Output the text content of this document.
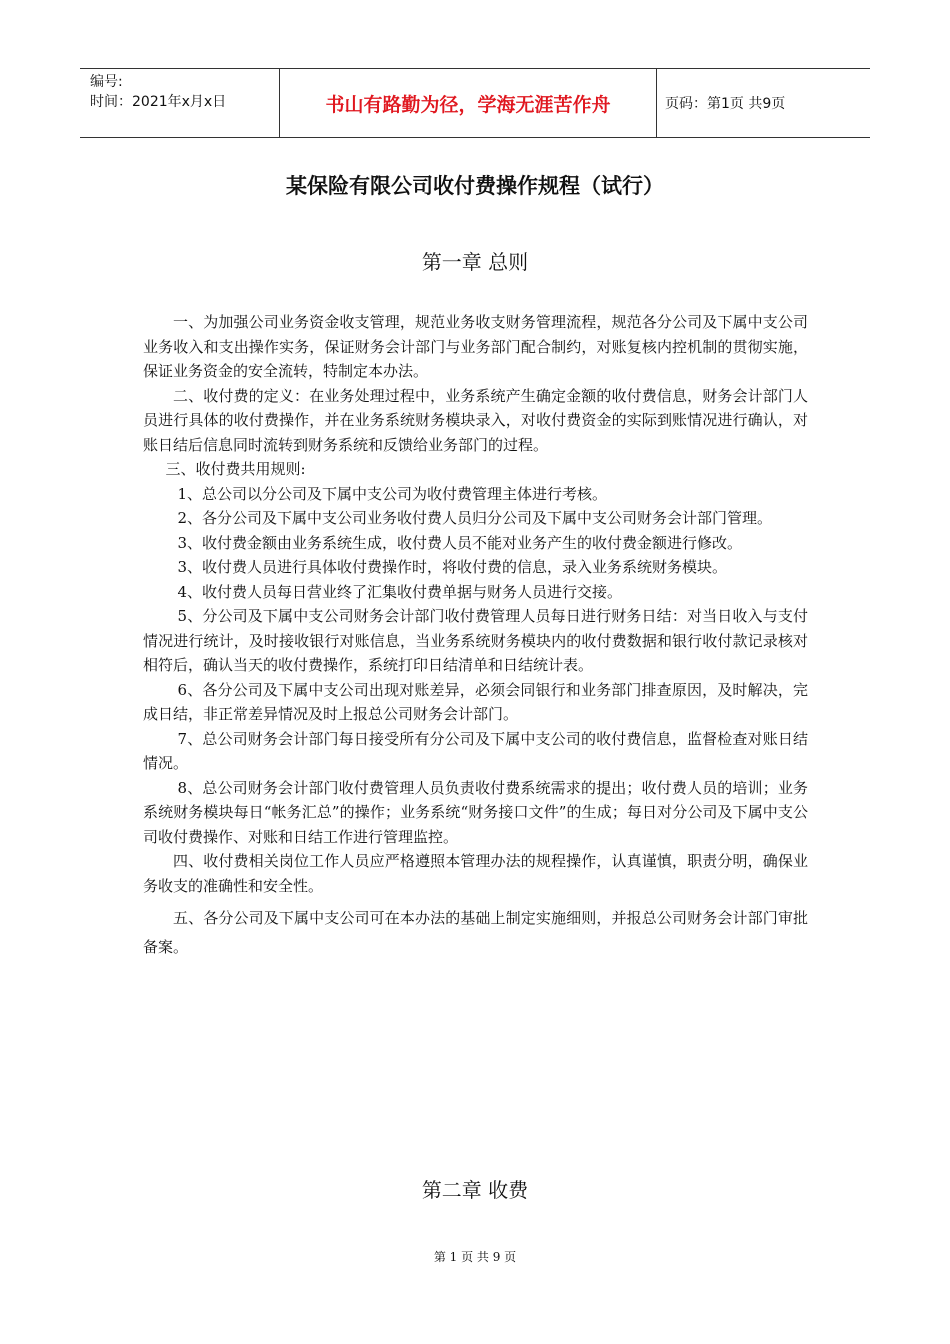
编号:
时间：2021年x月x日	书山有路勤为径，学海无涯苦作舟	页码：第1页 共9页
某保险有限公司收付费操作规程（试行）
第一章 总则

一、为加强公司业务资金收支管理，规范业务收支财务管理流程，规范各分公司及下属中支公司业务收入和支出操作实务，保证财务会计部门与业务部门配合制约，对账复核内控机制的贯彻实施，保证业务资金的安全流转，特制定本办法。

二、收付费的定义：在业务处理过程中，业务系统产生确定金额的收付费信息，财务会计部门人员进行具体的收付费操作，并在业务系统财务模块录入，对收付费资金的实际到账情况进行确认，对账日结后信息同时流转到财务系统和反馈给业务部门的过程。

三、收付费共用规则:

1、总公司以分公司及下属中支公司为收付费管理主体进行考核。

2、各分公司及下属中支公司业务收付费人员归分公司及下属中支公司财务会计部门管理。

3、收付费金额由业务系统生成，收付费人员不能对业务产生的收付费金额进行修改。

3、收付费人员进行具体收付费操作时，将收付费的信息，录入业务系统财务模块。

4、收付费人员每日营业终了汇集收付费单据与财务人员进行交接。

5、分公司及下属中支公司财务会计部门收付费管理人员每日进行财务日结：对当日收入与支付情况进行统计，及时接收银行对账信息，当业务系统财务模块内的收付费数据和银行收付款记录核对相符后，确认当天的收付费操作，系统打印日结清单和日结统计表。

6、各分公司及下属中支公司出现对账差异，必须会同银行和业务部门排查原因，及时解决，完成日结，非正常差异情况及时上报总公司财务会计部门。

7、总公司财务会计部门每日接受所有分公司及下属中支公司的收付费信息，监督检查对账日结情况。

8、总公司财务会计部门收付费管理人员负责收付费系统需求的提出；收付费人员的培训；业务系统财务模块每日“帐务汇总”的操作；业务系统“财务接口文件”的生成；每日对分公司及下属中支公司收付费操作、对账和日结工作进行管理监控。

四、收付费相关岗位工作人员应严格遵照本管理办法的规程操作，认真谨慎，职责分明，确保业务收支的准确性和安全性。

五、各分公司及下属中支公司可在本办法的基础上制定实施细则，并报总公司财务会计部门审批备案。

第二章 收费
第 1 页 共 9 页
